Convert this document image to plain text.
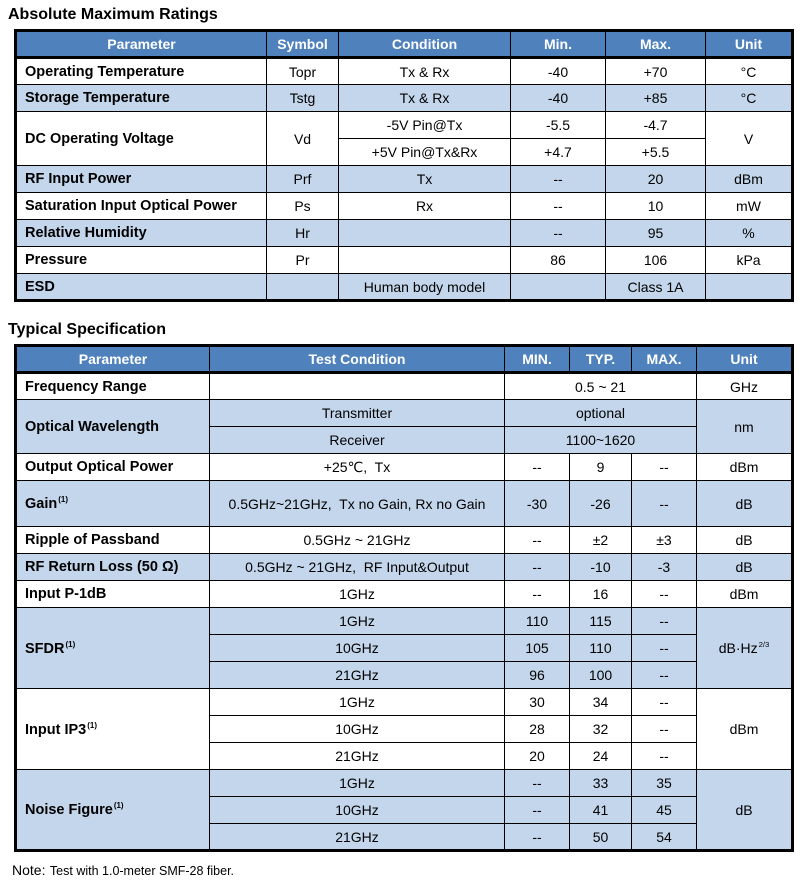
Absolute Maximum Ratings
Parameter	Symbol	Condition	Min.	Max.	Unit
Operating Temperature	Topr	Tx & Rx	-40	+70	°C
Storage Temperature	Tstg	Tx & Rx	-40	+85	°C
DC Operating Voltage	Vd	-5V Pin@Tx	-5.5	-4.7	V
		+5V Pin@Tx&Rx	+4.7	+5.5	
RF Input Power	Prf	Tx	--	20	dBm
Saturation Input Optical Power	Ps	Rx	--	10	mW
Relative Humidity	Hr		--	95	%
Pressure	Pr		86	106	kPa
ESD		Human body model		Class 1A	
Typical Specification
Parameter	Test Condition	MIN.	TYP.	MAX.	Unit
Frequency Range		0.5 ~ 21			GHz
Optical Wavelength	Transmitter	optional			nm
	Receiver	1100~1620			
Output Optical Power	+25℃,  Tx	--	9	--	dBm
Gain$^{(1)}$	0.5GHz~21GHz,  Tx no Gain, Rx no Gain	-30	-26	--	dB
Ripple of Passband	0.5GHz ~ 21GHz	--	±2	±3	dB
RF Return Loss (50 Ω)	0.5GHz ~ 21GHz,  RF Input&Output	--	-10	-3	dB
Input P-1dB	1GHz	--	16	--	dBm
SFDR$^{(1)}$	1GHz	110	115	--	$dB\cdot Hz^{2/3}$
	10GHz	105	110	--	
	21GHz	96	100	--	
Input IP3$^{(1)}$	1GHz	30	34	--	dBm
	10GHz	28	32	--	
	21GHz	20	24	--	
Noise Figure$^{(1)}$	1GHz	--	33	35	dB
	10GHz	--	41	45	
	21GHz	--	50	54	
Note: Test with 1.0-meter SMF-28 fiber.
